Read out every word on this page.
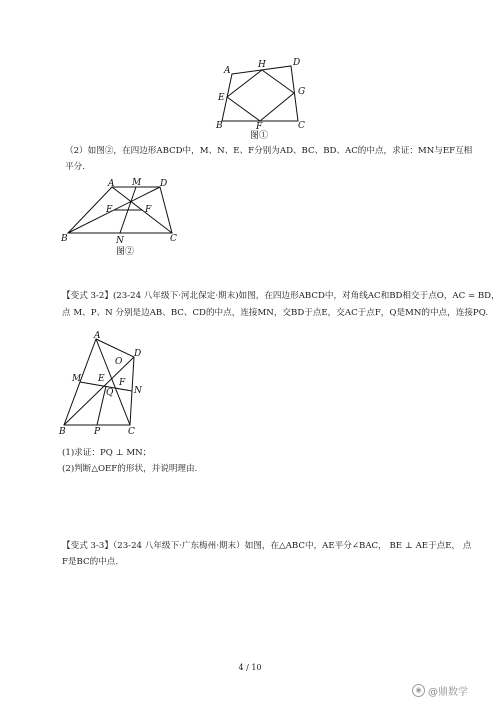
A
H	D
E
G
B	F	C
图①
（2）如图②，在四边形ABCD中，M、N、E、F分别为AD、BC、BD、AC的中点，求证：MN与EF互相
平分.
A M D
E	F
B	N	C
图②
【变式 3-2】(23-24 八年级下·河北保定·期末)如图，在四边形ABCD中，对角线AC和BD相交于点O，AC = BD，
点 M、P、N 分别是边AB、BC、CD的中点，连接MN，交BD于点E，交AC于点F，Q是MN的中点，连接PQ.
A
O
D
M E F
Q N
B	P	C
(1)求证：PQ ⊥ MN；
(2)判断△OEF的形状，并说明理由.
【变式 3-3】（23-24 八年级下·广东梅州·期末）如图，在△ABC中，AE平分∠BAC， BE ⊥ AE于点E， 点
F是BC的中点.
4 / 10
◉ @鼎数学
